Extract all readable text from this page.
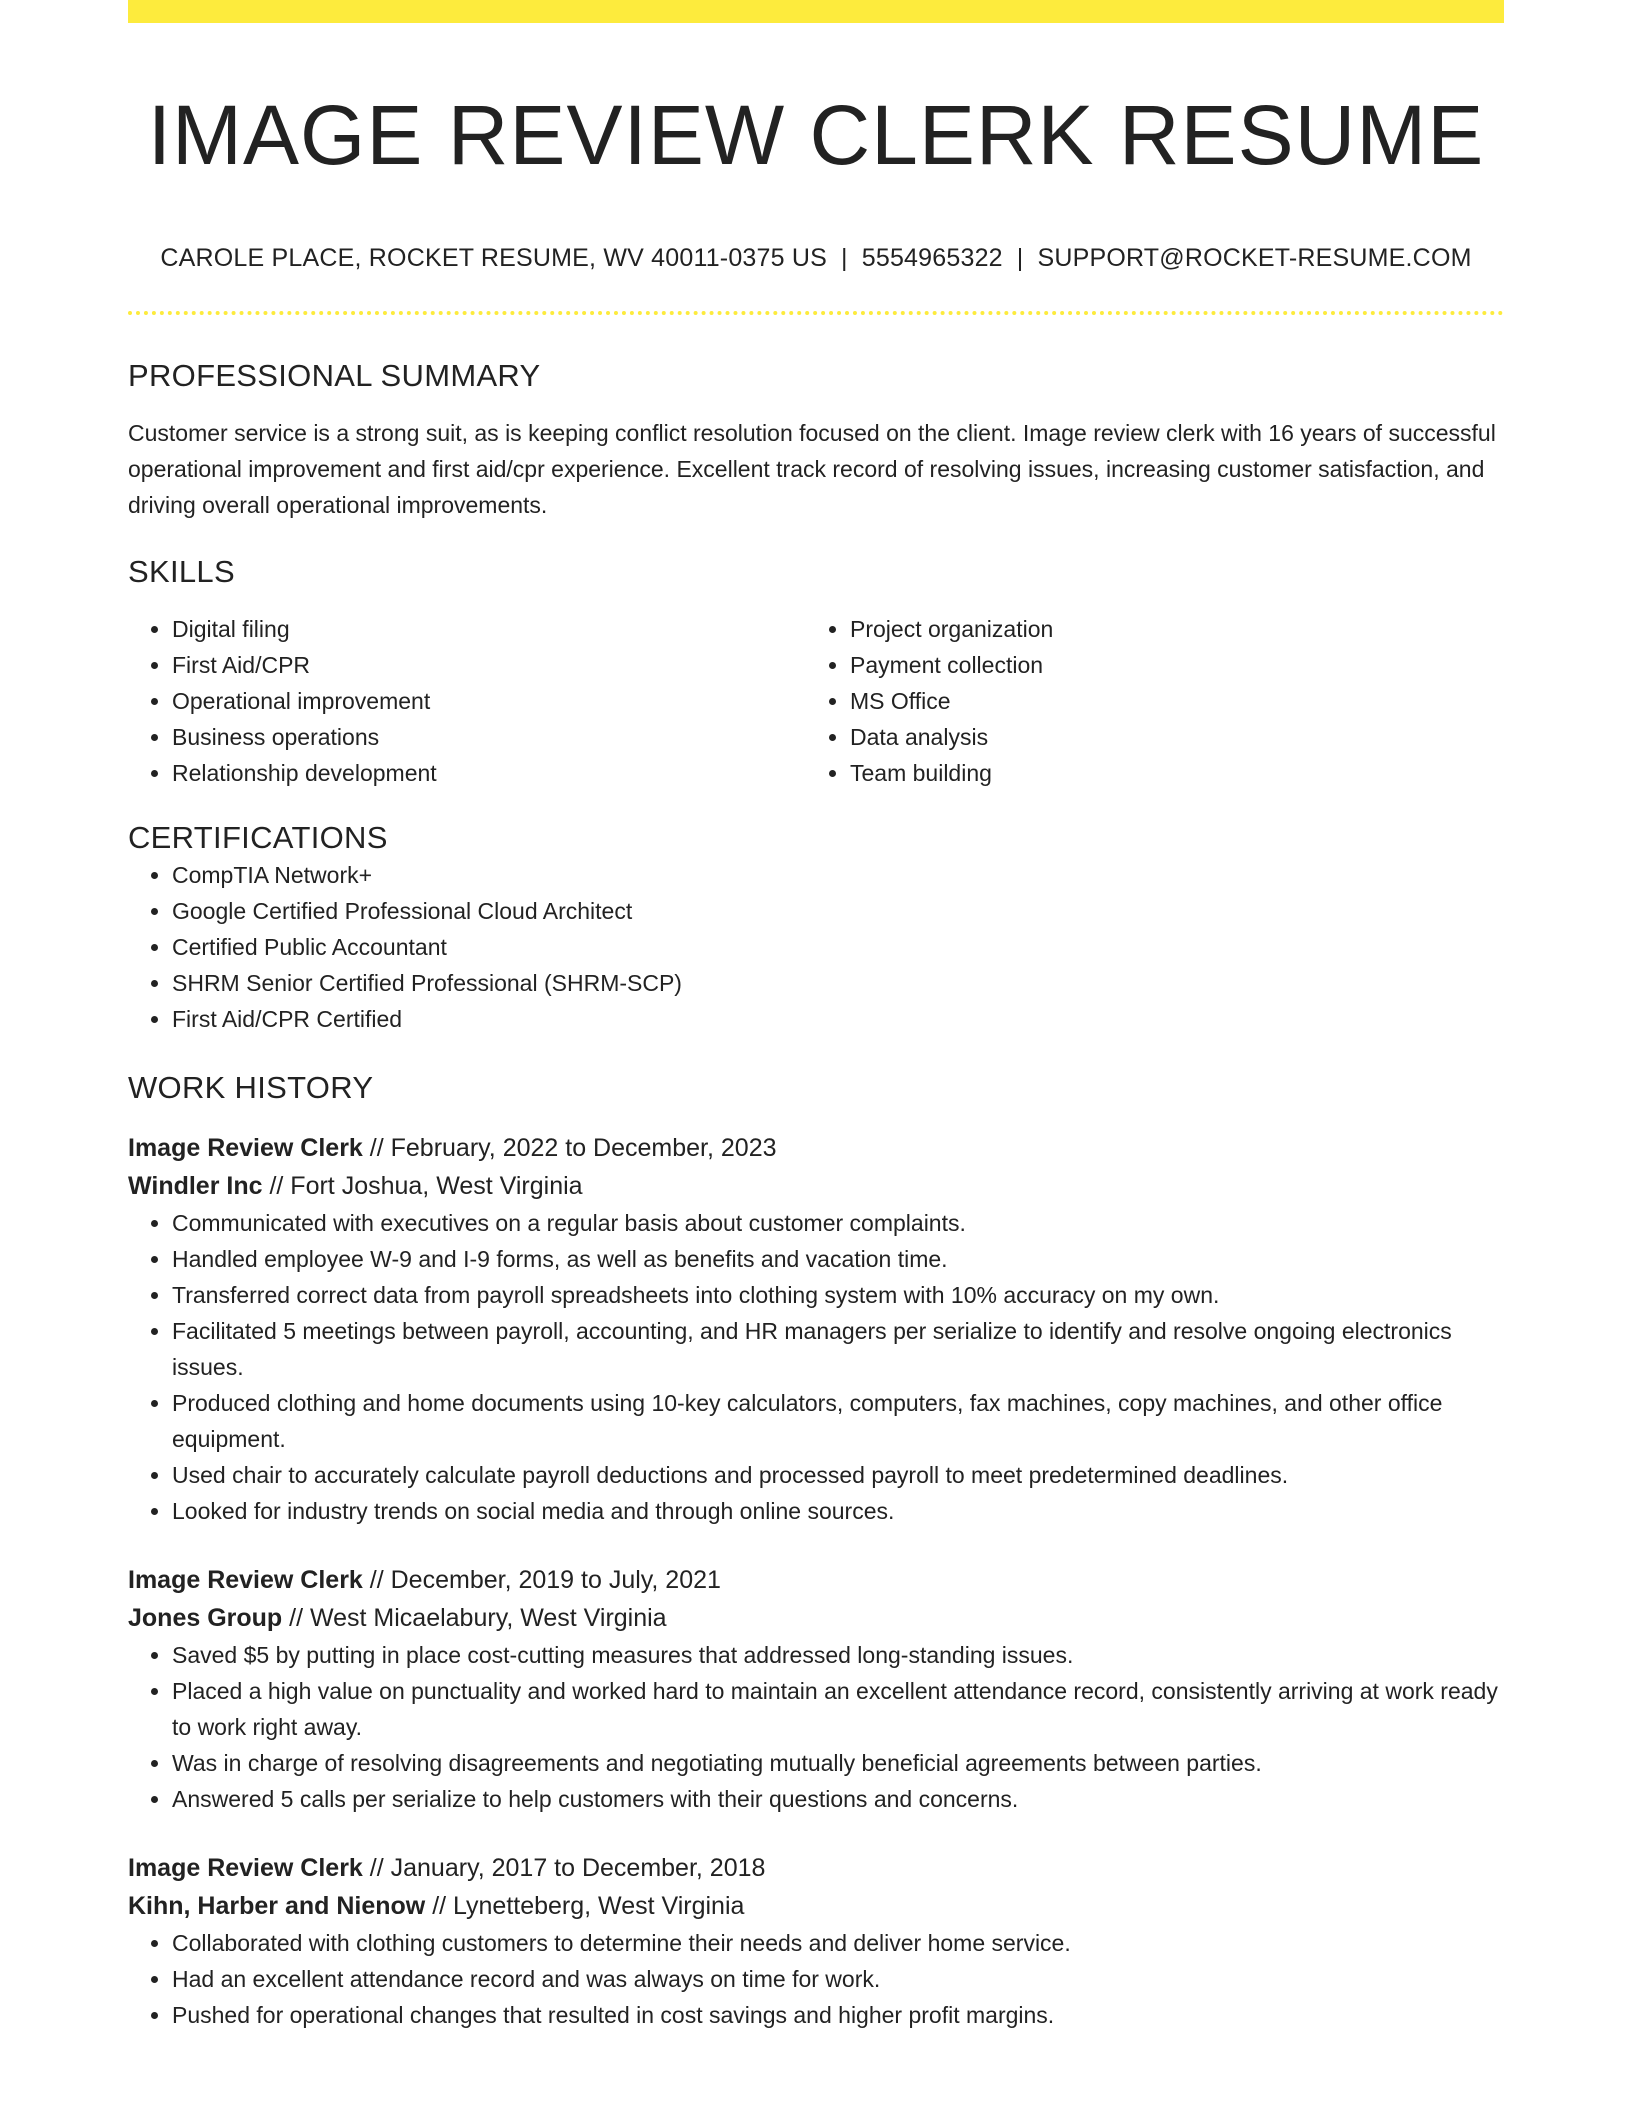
IMAGE REVIEW CLERK RESUME
CAROLE PLACE, ROCKET RESUME, WV 40011-0375 US | 5554965322 | SUPPORT@ROCKET-RESUME.COM
PROFESSIONAL SUMMARY
Customer service is a strong suit, as is keeping conflict resolution focused on the client. Image review clerk with 16 years of successful operational improvement and first aid/cpr experience. Excellent track record of resolving issues, increasing customer satisfaction, and driving overall operational improvements.
SKILLS
• Digital filing
• First Aid/CPR
• Operational improvement
• Business operations
• Relationship development
• Project organization
• Payment collection
• MS Office
• Data analysis
• Team building
CERTIFICATIONS
• CompTIA Network+
• Google Certified Professional Cloud Architect
• Certified Public Accountant
• SHRM Senior Certified Professional (SHRM-SCP)
• First Aid/CPR Certified
WORK HISTORY
Image Review Clerk // February, 2022 to December, 2023
Windler Inc // Fort Joshua, West Virginia
• Communicated with executives on a regular basis about customer complaints.
• Handled employee W-9 and I-9 forms, as well as benefits and vacation time.
• Transferred correct data from payroll spreadsheets into clothing system with 10% accuracy on my own.
• Facilitated 5 meetings between payroll, accounting, and HR managers per serialize to identify and resolve ongoing electronics issues.
• Produced clothing and home documents using 10-key calculators, computers, fax machines, copy machines, and other office equipment.
• Used chair to accurately calculate payroll deductions and processed payroll to meet predetermined deadlines.
• Looked for industry trends on social media and through online sources.
Image Review Clerk // December, 2019 to July, 2021
Jones Group // West Micaelabury, West Virginia
• Saved $5 by putting in place cost-cutting measures that addressed long-standing issues.
• Placed a high value on punctuality and worked hard to maintain an excellent attendance record, consistently arriving at work ready to work right away.
• Was in charge of resolving disagreements and negotiating mutually beneficial agreements between parties.
• Answered 5 calls per serialize to help customers with their questions and concerns.
Image Review Clerk // January, 2017 to December, 2018
Kihn, Harber and Nienow // Lynetteberg, West Virginia
• Collaborated with clothing customers to determine their needs and deliver home service.
• Had an excellent attendance record and was always on time for work.
• Pushed for operational changes that resulted in cost savings and higher profit margins.
